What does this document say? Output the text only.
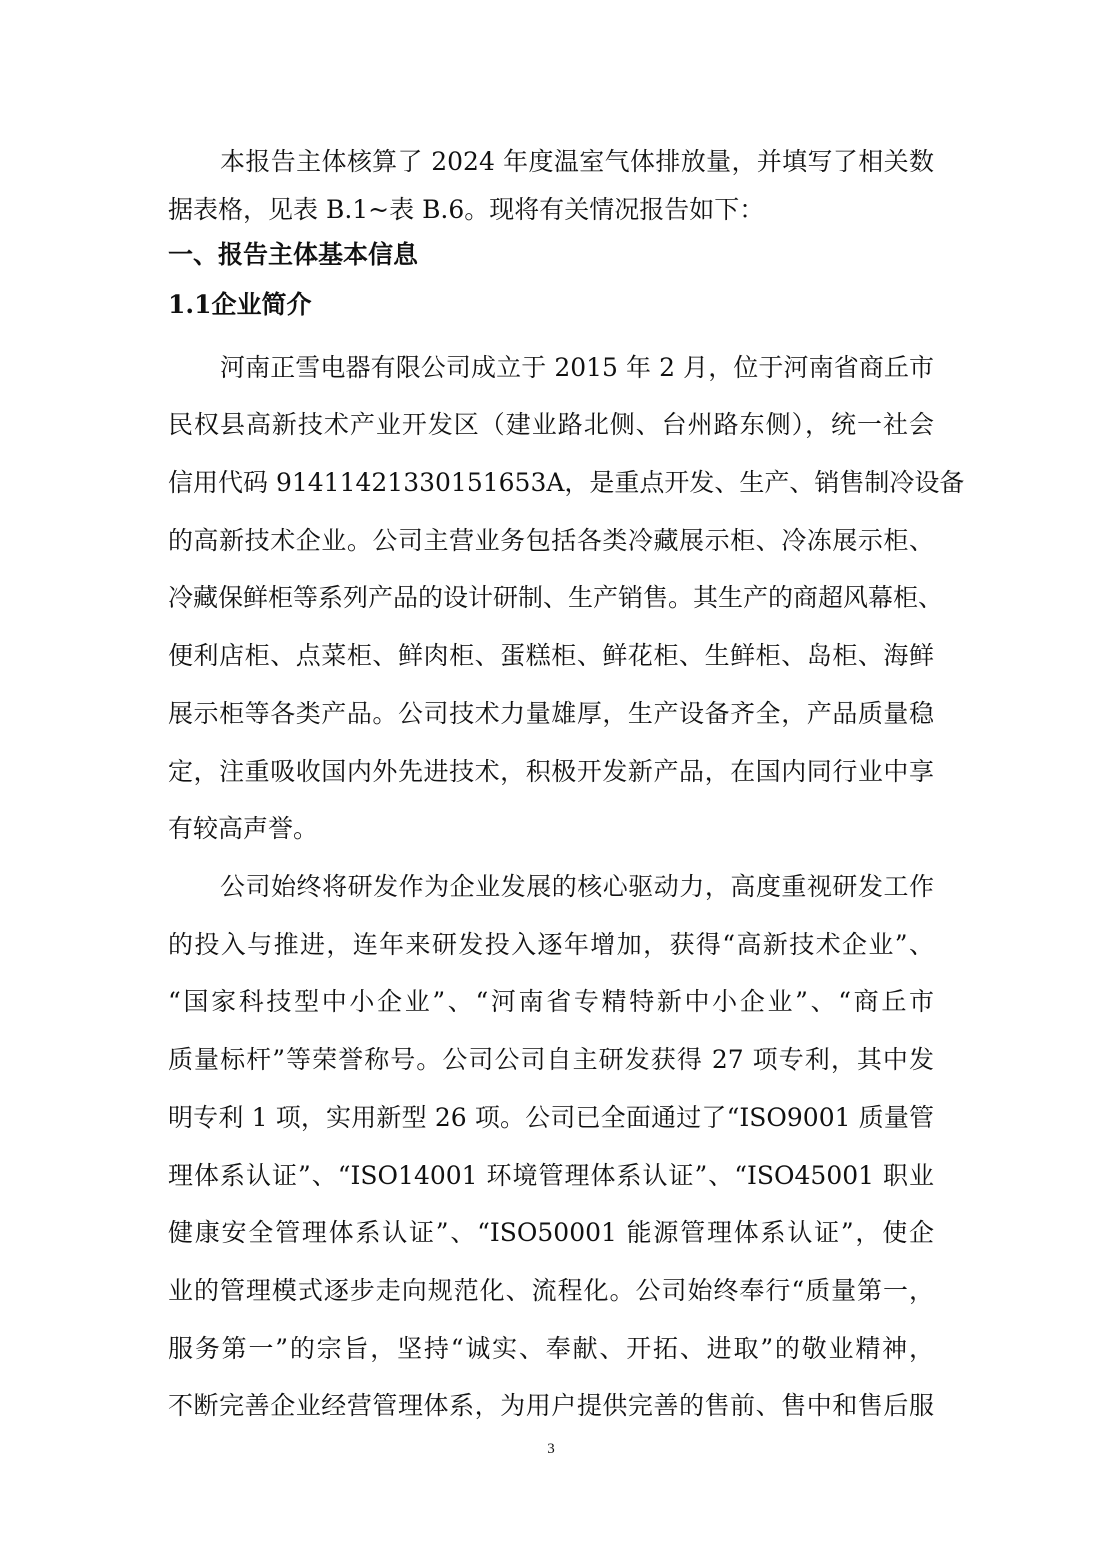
本报告主体核算了 2024 年度温室气体排放量，并填写了相关数
据表格，见表 B.1~表 B.6。现将有关情况报告如下：
一、报告主体基本信息
1.1企业简介
河南正雪电器有限公司成立于 2015 年 2 月，位于河南省商丘市
民权县高新技术产业开发区（建业路北侧、台州路东侧），统一社会
信用代码 91411421330151653A，是重点开发、生产、销售制冷设备
的高新技术企业。公司主营业务包括各类冷藏展示柜、冷冻展示柜、
冷藏保鲜柜等系列产品的设计研制、生产销售。其生产的商超风幕柜、
便利店柜、点菜柜、鲜肉柜、蛋糕柜、鲜花柜、生鲜柜、岛柜、海鲜
展示柜等各类产品。公司技术力量雄厚，生产设备齐全，产品质量稳
定，注重吸收国内外先进技术，积极开发新产品，在国内同行业中享
有较高声誉。
公司始终将研发作为企业发展的核心驱动力，高度重视研发工作
的投入与推进，连年来研发投入逐年增加，获得“高新技术企业”、
“国家科技型中小企业”、“河南省专精特新中小企业”、“商丘市
质量标杆”等荣誉称号。公司公司自主研发获得 27 项专利，其中发
明专利 1 项，实用新型 26 项。公司已全面通过了“ISO9001 质量管
理体系认证”、“ISO14001 环境管理体系认证”、“ISO45001 职业
健康安全管理体系认证”、“ISO50001 能源管理体系认证”，使企
业的管理模式逐步走向规范化、流程化。公司始终奉行“质量第一，
服务第一”的宗旨，坚持“诚实、奉献、开拓、进取”的敬业精神，
不断完善企业经营管理体系，为用户提供完善的售前、售中和售后服
3
